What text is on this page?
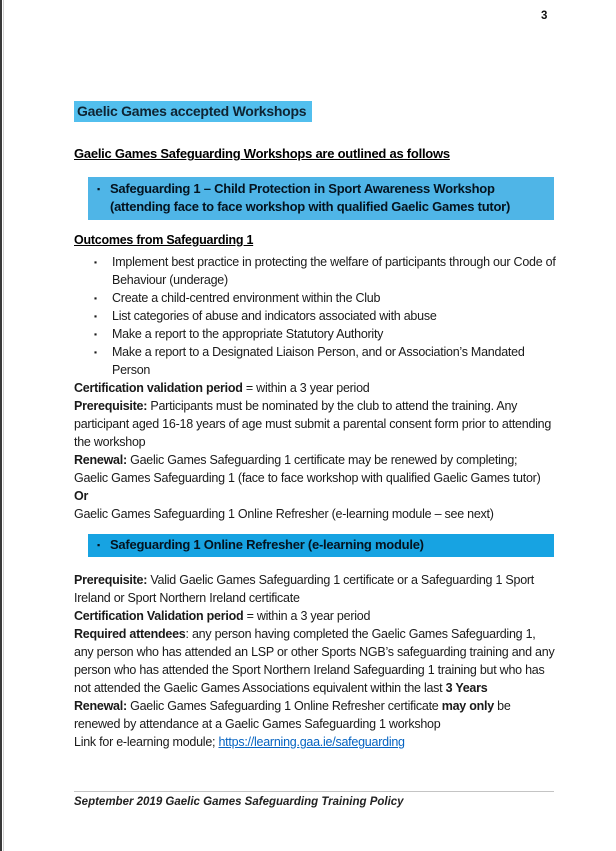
3
Gaelic Games accepted Workshops
Gaelic Games Safeguarding Workshops are outlined as follows
▪ Safeguarding 1 – Child Protection in Sport Awareness Workshop (attending face to face workshop with qualified Gaelic Games tutor)
Outcomes from Safeguarding 1
▪	Implement best practice in protecting the welfare of participants through our Code of Behaviour (underage)
▪	Create a child-centred environment within the Club
▪	List categories of abuse and indicators associated with abuse
▪	Make a report to the appropriate Statutory Authority
▪	Make a report to a Designated Liaison Person, and or Association’s Mandated Person

Certification validation period = within a 3 year period

Prerequisite: Participants must be nominated by the club to attend the training. Any participant aged 16-18 years of age must submit a parental consent form prior to attending the workshop

Renewal: Gaelic Games Safeguarding 1 certificate may be renewed by completing;

Gaelic Games Safeguarding 1 (face to face workshop with qualified Gaelic Games tutor)

Or

Gaelic Games Safeguarding 1 Online Refresher (e-learning module – see next)

▪ Safeguarding 1 Online Refresher (e-learning module)

Prerequisite: Valid Gaelic Games Safeguarding 1 certificate or a Safeguarding 1 Sport Ireland or Sport Northern Ireland certificate

Certification Validation period = within a 3 year period

Required attendees: any person having completed the Gaelic Games Safeguarding 1, any person who has attended an LSP or other Sports NGB’s safeguarding training and any person who has attended the Sport Northern Ireland Safeguarding 1 training but who has not attended the Gaelic Games Associations equivalent within the last 3 Years

Renewal: Gaelic Games Safeguarding 1 Online Refresher certificate may only be renewed by attendance at a Gaelic Games Safeguarding 1 workshop

Link for e-learning module; https://learning.gaa.ie/safeguarding

September 2019 Gaelic Games Safeguarding Training Policy
